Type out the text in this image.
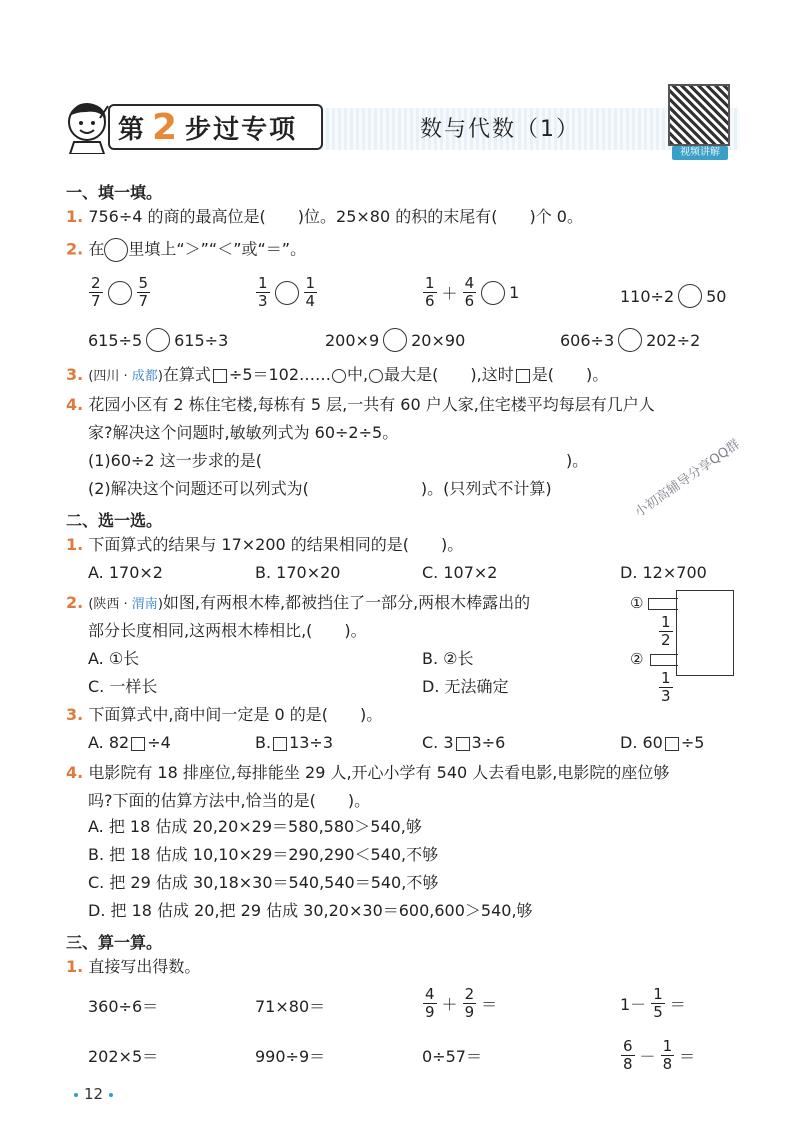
第 2 步过专项	数与代数（1）
视频讲解
一、填一填。
1. 756÷4 的商的最高位是(　　)位。25×80 的积的末尾有(　　)个 0。
2. 在 里填上“＞”“＜”或“＝”。
$\frac{2}{7} \frac{5}{7}$	$\frac{1}{3} \frac{1}{4}$	$\frac{1}{6} + \frac{4}{6} 1$	110÷2 50
615÷5 615÷3	200×9 20×90	606÷3 202÷2
3. (四川 · 成都)在算式 ÷5＝102…… 中, 最大是(　　),这时 是(　　)。
4. 花园小区有 2 栋住宅楼,每栋有 5 层,一共有 60 户人家,住宅楼平均每层有几户人
家?解决这个问题时,敏敏列式为 60÷2÷5。
(1)60÷2 这一步求的是(　　　　　　　　　　　　　　　　　　　)。
(2)解决这个问题还可以列式为(　　　　　　　)。(只列式不计算)
二、选一选。
1. 下面算式的结果与 17×200 的结果相同的是(　　)。
A. 170×2	B. 170×20	C. 107×2	D. 12×700
2. (陕西 · 渭南)如图,有两根木棒,都被挡住了一部分,两根木棒露出的
部分长度相同,这两根木棒相比,(　　)。
A. ①长	B. ②长
C. 一样长	D. 无法确定
①
②
$\frac{1}{2}$
$\frac{1}{3}$
3. 下面算式中,商中间一定是 0 的是(　　)。
A. 82 ÷4	B. 13÷3	C. 3 3÷6	D. 60 ÷5
4. 电影院有 18 排座位,每排能坐 29 人,开心小学有 540 人去看电影,电影院的座位够
吗?下面的估算方法中,恰当的是(　　)。
A. 把 18 估成 20,20×29＝580,580＞540,够
B. 把 18 估成 10,10×29＝290,290＜540,不够
C. 把 29 估成 30,18×30＝540,540＝540,不够
D. 把 18 估成 20,把 29 估成 30,20×30＝600,600＞540,够
三、算一算。
1. 直接写出得数。
360÷6＝	71×80＝	$\frac{4}{9} + \frac{2}{9}$ ＝	$1- \frac{1}{5}$ ＝
202×5＝	990÷9＝	0÷57＝	$\frac{6}{8} - \frac{1}{8}$ ＝
小初高辅导分享QQ群
12
